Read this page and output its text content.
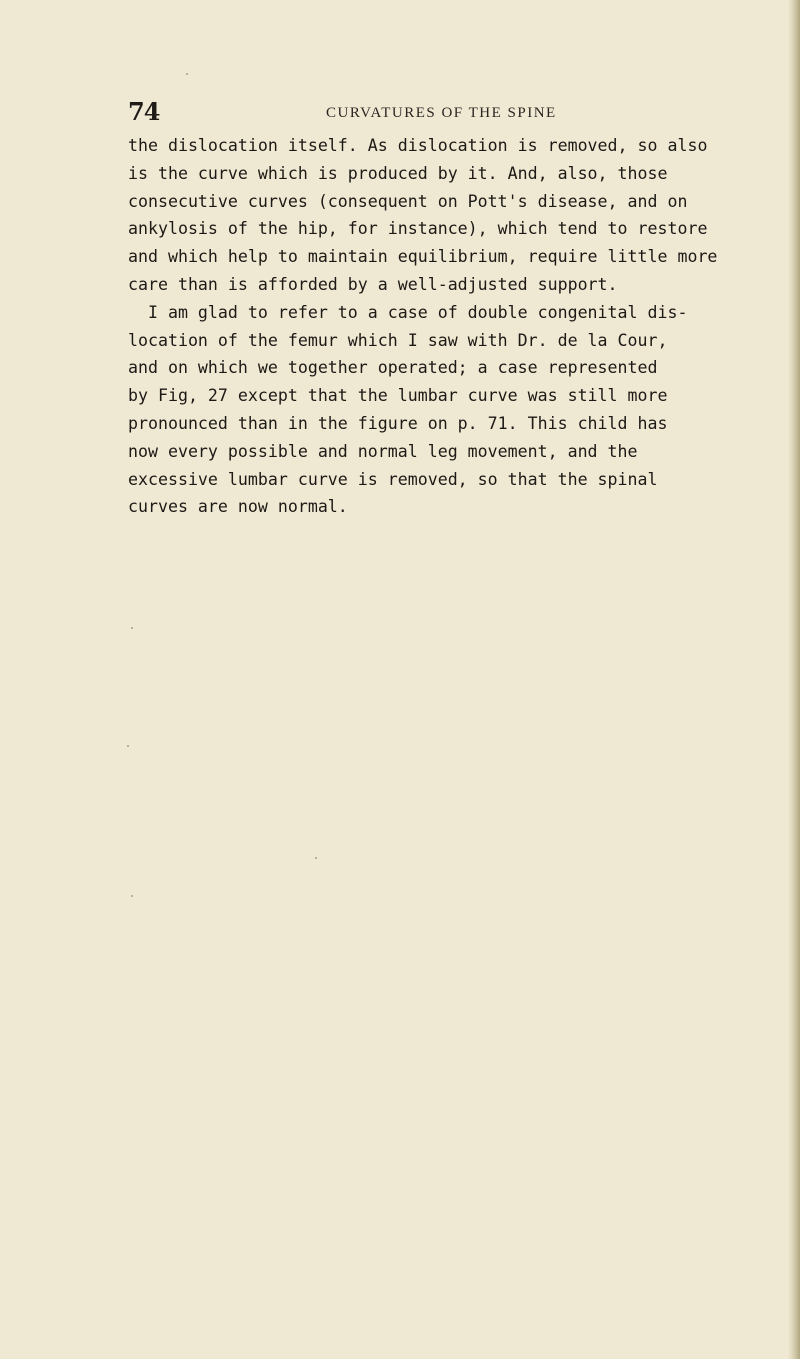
74	CURVATURES OF THE SPINE
the dislocation itself. As dislocation is removed, so also
is the curve which is produced by it. And, also, those
consecutive curves (consequent on Pott's disease, and on
ankylosis of the hip, for instance), which tend to restore
and which help to maintain equilibrium, require little more
care than is afforded by a well-adjusted support.
I am glad to refer to a case of double congenital dis-
location of the femur which I saw with Dr. de la Cour,
and on which we together operated; a case represented
by Fig, 27 except that the lumbar curve was still more
pronounced than in the figure on p. 71. This child has
now every possible and normal leg movement, and the
excessive lumbar curve is removed, so that the spinal
curves are now normal.
